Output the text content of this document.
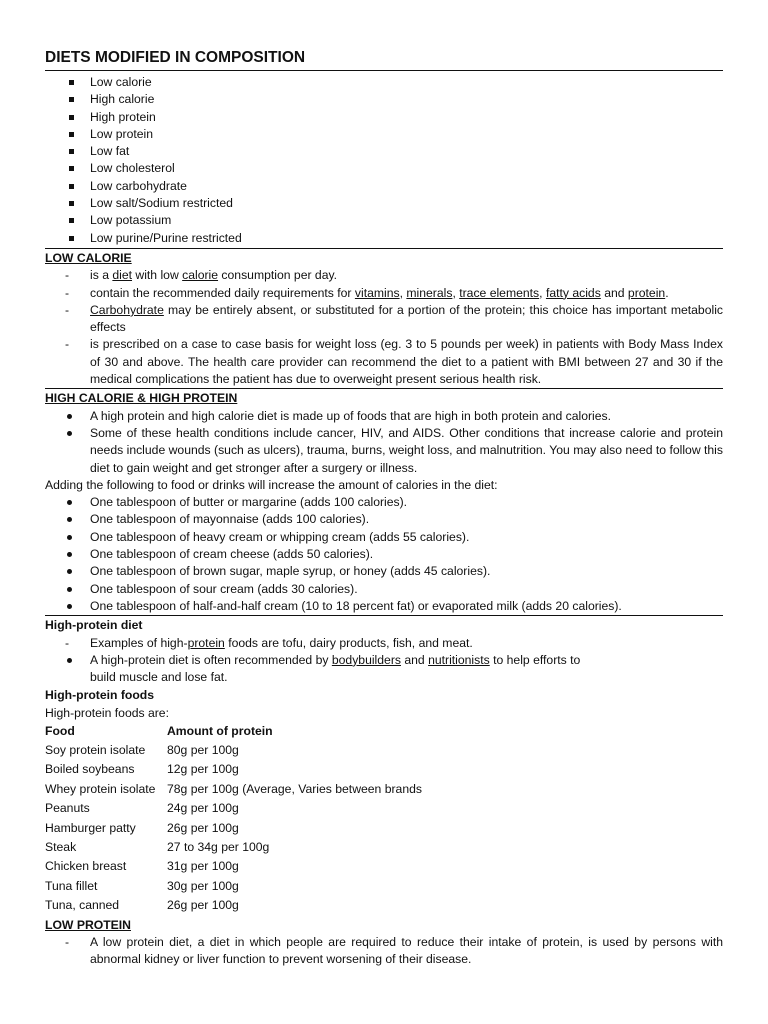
DIETS MODIFIED IN COMPOSITION
Low calorie
High calorie
High protein
Low protein
Low fat
Low cholesterol
Low carbohydrate
Low salt/Sodium restricted
Low potassium
Low purine/Purine restricted
LOW CALORIE
- is a diet with low calorie consumption per day.
- contain the recommended daily requirements for vitamins, minerals, trace elements, fatty acids and protein.
- Carbohydrate may be entirely absent, or substituted for a portion of the protein; this choice has important metabolic effects
- is prescribed on a case to case basis for weight loss (eg. 3 to 5 pounds per week) in patients with Body Mass Index of 30 and above. The health care provider can recommend the diet to a patient with BMI between 27 and 30 if the medical complications the patient has due to overweight present serious health risk.
HIGH CALORIE & HIGH PROTEIN
A high protein and high calorie diet is made up of foods that are high in both protein and calories.
Some of these health conditions include cancer, HIV, and AIDS. Other conditions that increase calorie and protein needs include wounds (such as ulcers), trauma, burns, weight loss, and malnutrition. You may also need to follow this diet to gain weight and get stronger after a surgery or illness.
Adding the following to food or drinks will increase the amount of calories in the diet:
One tablespoon of butter or margarine (adds 100 calories).
One tablespoon of mayonnaise (adds 100 calories).
One tablespoon of heavy cream or whipping cream (adds 55 calories).
One tablespoon of cream cheese (adds 50 calories).
One tablespoon of brown sugar, maple syrup, or honey (adds 45 calories).
One tablespoon of sour cream (adds 30 calories).
One tablespoon of half-and-half cream (10 to 18 percent fat) or evaporated milk (adds 20 calories).
High-protein diet
- Examples of high-protein foods are tofu, dairy products, fish, and meat.
A high-protein diet is often recommended by bodybuilders and nutritionists to help efforts to
build muscle and lose fat.
High-protein foods
High-protein foods are:
Food	Amount of protein
Soy protein isolate	80g per 100g
Boiled soybeans	12g per 100g
Whey protein isolate	78g per 100g (Average, Varies between brands
Peanuts	24g per 100g
Hamburger patty	26g per 100g
Steak	27 to 34g per 100g
Chicken breast	31g per 100g
Tuna fillet	30g per 100g
Tuna, canned	26g per 100g
LOW PROTEIN
- A low protein diet, a diet in which people are required to reduce their intake of protein, is used by persons with abnormal kidney or liver function to prevent worsening of their disease.
